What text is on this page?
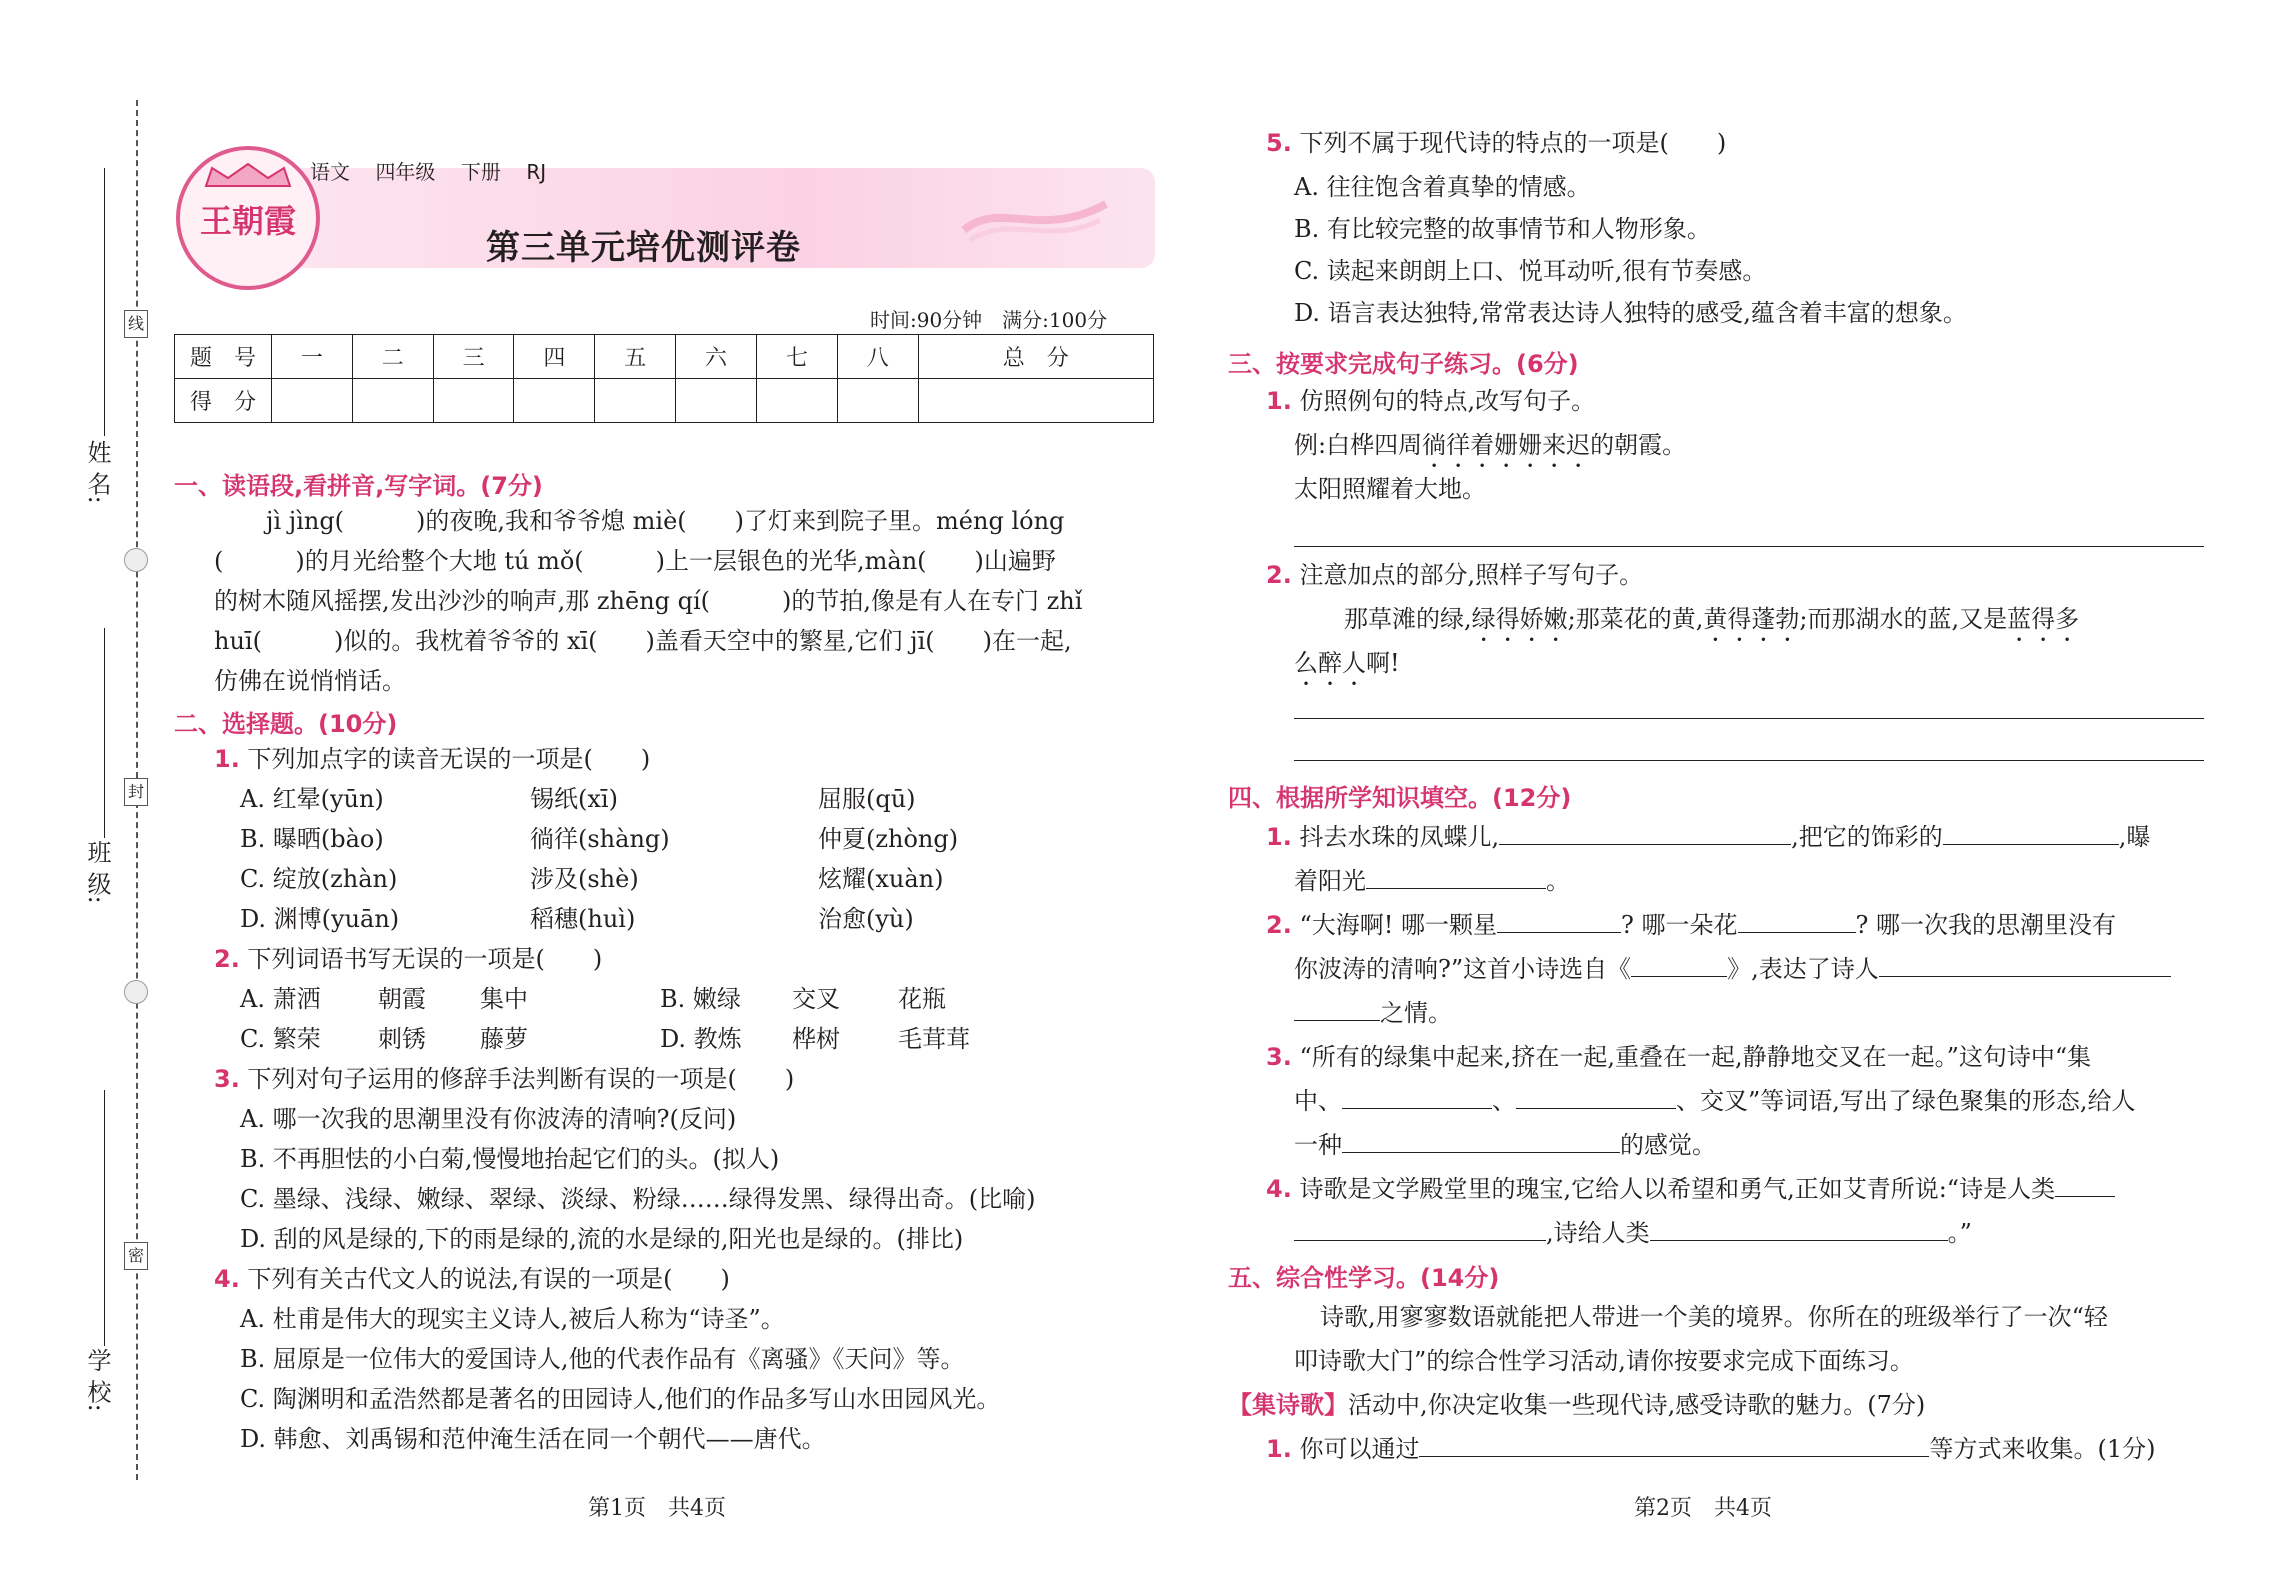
姓 名:
班 级:
学 校:
线
封
密
王朝霞
语文 四年级 下册 RJ
第三单元培优测评卷
时间:90分钟　满分:100分
题　号	一	二	三	四	五	六	七	八	总　分
得　分									
一、读语段,看拼音,写字词。(7分)
jì jìng(　　　)的夜晚,我和爷爷熄 miè(　　)了灯来到院子里。méng lóng
(　　　)的月光给整个大地 tú mǒ(　　　)上一层银色的光华,màn(　　)山遍野
的树木随风摇摆,发出沙沙的响声,那 zhēng qí(　　　)的节拍,像是有人在专门 zhǐ
huī(　　　)似的。我枕着爷爷的 xī(　　)盖看天空中的繁星,它们 jī(　　)在一起,
仿佛在说悄悄话。
二、选择题。(10分)
1. 下列加点字的读音无误的一项是(　　)
A. 红晕(yūn)	锡纸(xī)	屈服(qū)
B. 曝晒(bào)	徜徉(shàng)	仲夏(zhòng)
C. 绽放(zhàn)	涉及(shè)	炫耀(xuàn)
D. 渊博(yuān)	稻穗(huì)	治愈(yù)
2. 下列词语书写无误的一项是(　　)
A. 萧洒 朝霞 集中	B. 嫩绿 交叉 花瓶
C. 繁荣 刺锈 藤萝	D. 教炼 桦树 毛茸茸
3. 下列对句子运用的修辞手法判断有误的一项是(　　)
A. 哪一次我的思潮里没有你波涛的清响?(反问)
B. 不再胆怯的小白菊,慢慢地抬起它们的头。(拟人)
C. 墨绿、浅绿、嫩绿、翠绿、淡绿、粉绿……绿得发黑、绿得出奇。(比喻)
D. 刮的风是绿的,下的雨是绿的,流的水是绿的,阳光也是绿的。(排比)
4. 下列有关古代文人的说法,有误的一项是(　　)
A. 杜甫是伟大的现实主义诗人,被后人称为“诗圣”。
B. 屈原是一位伟大的爱国诗人,他的代表作品有《离骚》《天问》等。
C. 陶渊明和孟浩然都是著名的田园诗人,他们的作品多写山水田园风光。
D. 韩愈、刘禹锡和范仲淹生活在同一个朝代——唐代。
第1页　共4页
5. 下列不属于现代诗的特点的一项是(　　)
A. 往往饱含着真挚的情感。
B. 有比较完整的故事情节和人物形象。
C. 读起来朗朗上口、悦耳动听,很有节奏感。
D. 语言表达独特,常常表达诗人独特的感受,蕴含着丰富的想象。
三、按要求完成句子练习。(6分)
1. 仿照例句的特点,改写句子。
例:白桦四周徜徉着姗姗来迟的朝霞。
太阳照耀着大地。
2. 注意加点的部分,照样子写句子。
那草滩的绿,绿得娇嫩;那菜花的黄,黄得蓬勃;而那湖水的蓝,又是蓝得多
么醉人啊!
四、根据所学知识填空。(12分)
1. 抖去水珠的凤蝶儿,	,把它的饰彩的	,曝
着阳光	。
2. “大海啊! 哪一颗星	? 哪一朵花	? 哪一次我的思潮里没有
你波涛的清响?”这首小诗选自《	》,表达了诗人
之情。
3. “所有的绿集中起来,挤在一起,重叠在一起,静静地交叉在一起。”这句诗中“集
中、	、	、交叉”等词语,写出了绿色聚集的形态,给人
一种	的感觉。
4. 诗歌是文学殿堂里的瑰宝,它给人以希望和勇气,正如艾青所说:“诗是人类
,诗给人类	。”
五、综合性学习。(14分)
诗歌,用寥寥数语就能把人带进一个美的境界。你所在的班级举行了一次“轻
叩诗歌大门”的综合性学习活动,请你按要求完成下面练习。
【集诗歌】活动中,你决定收集一些现代诗,感受诗歌的魅力。(7分)
1. 你可以通过	等方式来收集。(1分)
第2页　共4页
